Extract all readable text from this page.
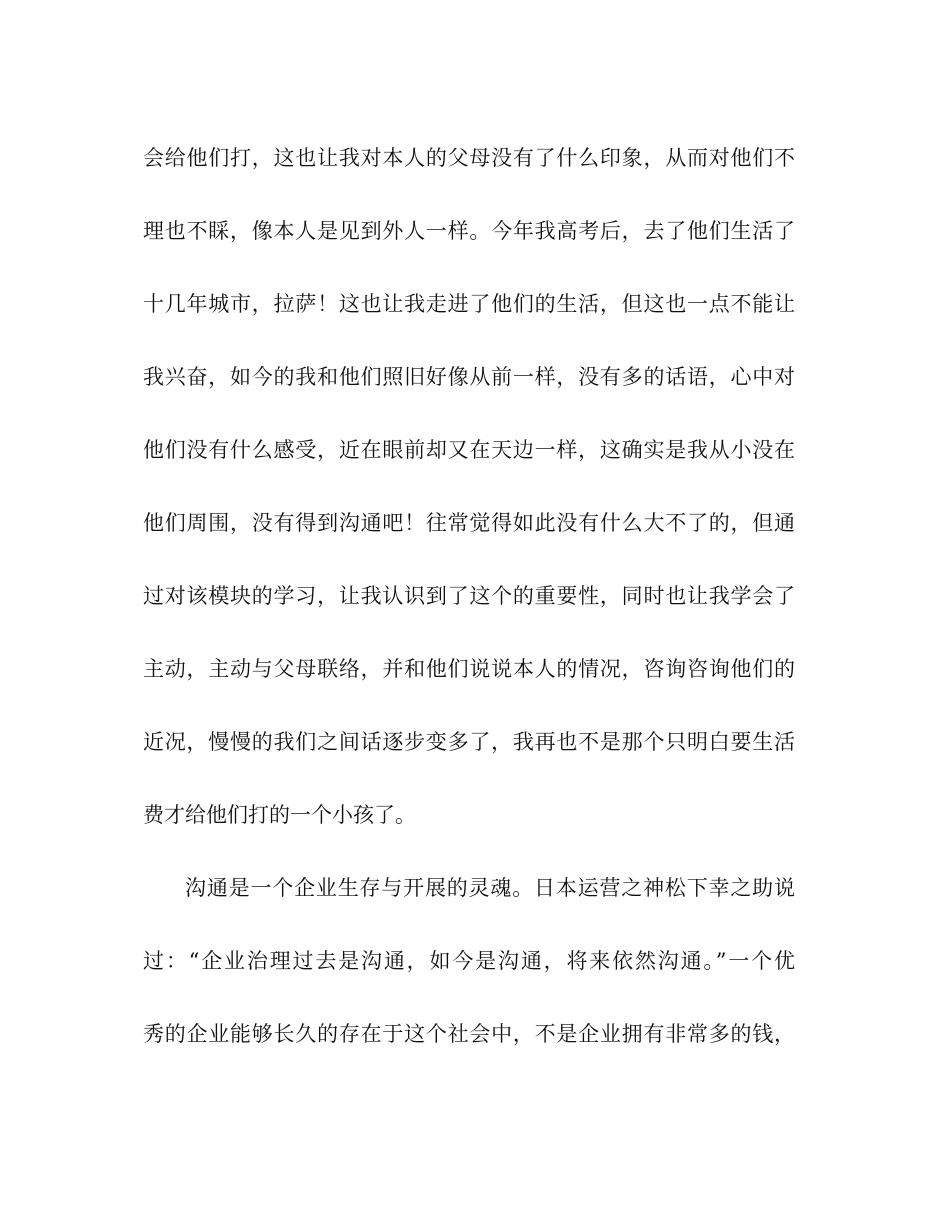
会给他们打，这也让我对本人的父母没有了什么印象，从而对他们不
理也不睬，像本人是见到外人一样。今年我高考后，去了他们生活了
十几年城市，拉萨！这也让我走进了他们的生活，但这也一点不能让
我兴奋，如今的我和他们照旧好像从前一样，没有多的话语，心中对
他们没有什么感受，近在眼前却又在天边一样，这确实是我从小没在
他们周围，没有得到沟通吧！往常觉得如此没有什么大不了的，但通
过对该模块的学习，让我认识到了这个的重要性，同时也让我学会了
主动，主动与父母联络，并和他们说说本人的情况，咨询咨询他们的
近况，慢慢的我们之间话逐步变多了，我再也不是那个只明白要生活
费才给他们打的一个小孩了。
沟通是一个企业生存与开展的灵魂。日本运营之神松下幸之助说
过：“企业治理过去是沟通，如今是沟通，将来依然沟通。”一个优
秀的企业能够长久的存在于这个社会中，不是企业拥有非常多的钱，
